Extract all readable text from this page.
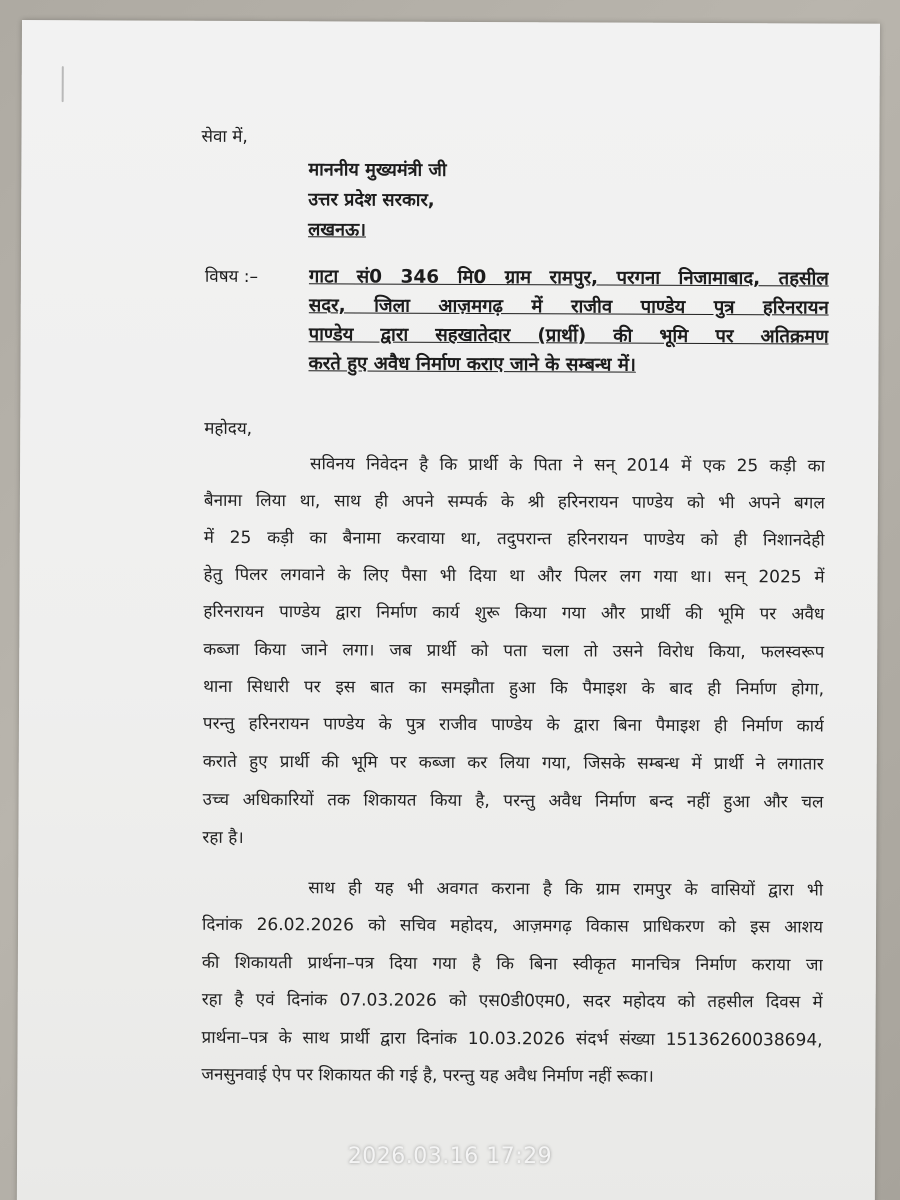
सेवा में,
माननीय मुख्यमंत्री जी
उत्तर प्रदेश सरकार,
लखनऊ।
विषय :–	गाटा सं0 346 मि0 ग्राम रामपुर, परगना निजामाबाद, तहसील
सदर, जिला आज़मगढ़ में राजीव पाण्डेय पुत्र हरिनरायन
पाण्डेय द्वारा सहखातेदार (प्रार्थी) की भूमि पर अतिक्रमण
करते हुए अवैध निर्माण कराए जाने के सम्बन्ध में।
महोदय,
सविनय निवेदन है कि प्रार्थी के पिता ने सन् 2014 में एक 25 कड़ी का
बैनामा लिया था, साथ ही अपने सम्पर्क के श्री हरिनरायन पाण्डेय को भी अपने बगल
में 25 कड़ी का बैनामा करवाया था, तदुपरान्त हरिनरायन पाण्डेय को ही निशानदेही
हेतु पिलर लगवाने के लिए पैसा भी दिया था और पिलर लग गया था। सन् 2025 में
हरिनरायन पाण्डेय द्वारा निर्माण कार्य शुरू किया गया और प्रार्थी की भूमि पर अवैध
कब्जा किया जाने लगा। जब प्रार्थी को पता चला तो उसने विरोध किया, फलस्वरूप
थाना सिधारी पर इस बात का समझौता हुआ कि पैमाइश के बाद ही निर्माण होगा,
परन्तु हरिनरायन पाण्डेय के पुत्र राजीव पाण्डेय के द्वारा बिना पैमाइश ही निर्माण कार्य
कराते हुए प्रार्थी की भूमि पर कब्जा कर लिया गया, जिसके सम्बन्ध में प्रार्थी ने लगातार
उच्च अधिकारियों तक शिकायत किया है, परन्तु अवैध निर्माण बन्द नहीं हुआ और चल
रहा है।
साथ ही यह भी अवगत कराना है कि ग्राम रामपुर के वासियों द्वारा भी
दिनांक 26.02.2026 को सचिव महोदय, आज़मगढ़ विकास प्राधिकरण को इस आशय
की शिकायती प्रार्थना–पत्र दिया गया है कि बिना स्वीकृत मानचित्र निर्माण कराया जा
रहा है एवं दिनांक 07.03.2026 को एस0डी0एम0, सदर महोदय को तहसील दिवस में
प्रार्थना–पत्र के साथ प्रार्थी द्वारा दिनांक 10.03.2026 संदर्भ संख्या 15136260038694,
जनसुनवाई ऐप पर शिकायत की गई है, परन्तु यह अवैध निर्माण नहीं रूका।
2026.03.16 17:29
